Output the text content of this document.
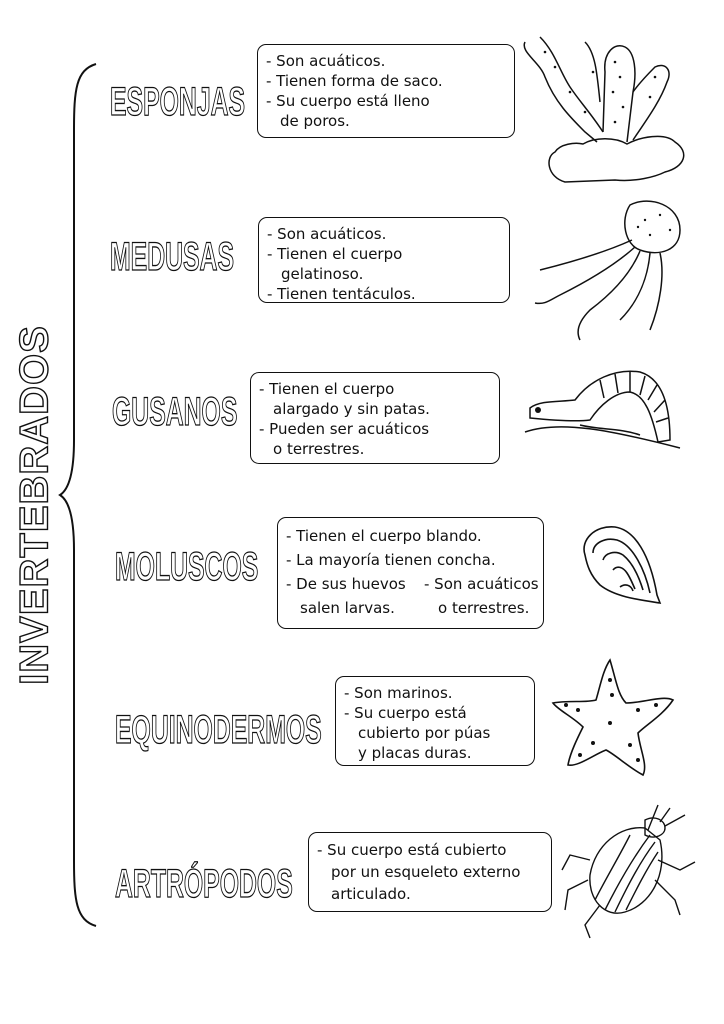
INVERTEBRADOS
ESPONJAS
- Son acuáticos.
- Tienen forma de saco.
- Su cuerpo está lleno
de poros.
MEDUSAS
- Son acuáticos.
- Tienen el cuerpo
gelatinoso.
- Tienen tentáculos.
GUSANOS
- Tienen el cuerpo
alargado y sin patas.
- Pueden ser acuáticos
o terrestres.
MOLUSCOS
- Tienen el cuerpo blando.
- La mayoría tienen concha.
- De sus huevos
salen larvas.
- Son acuáticos
o terrestres.
EQUINODERMOS
- Son marinos.
- Su cuerpo está
cubierto por púas
y placas duras.
ARTRÓPODOS
- Su cuerpo está cubierto
por un esqueleto externo
articulado.
